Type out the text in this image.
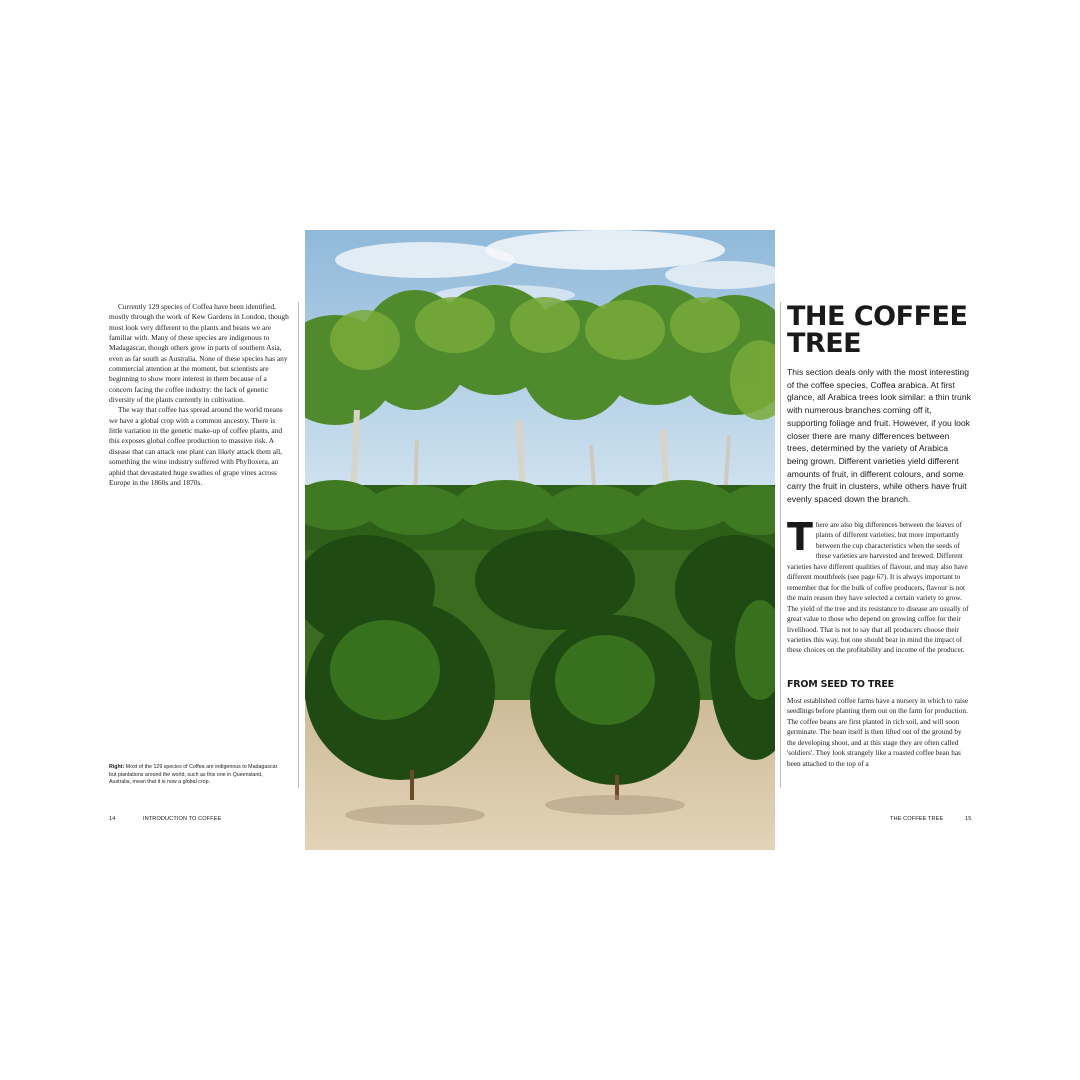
Currently 129 species of Coffea have been identified, mostly through the work of Kew Gardens in London, though most look very different to the plants and beans we are familiar with. Many of these species are indigenous to Madagascar, though others grow in parts of southern Asia, even as far south as Australia. None of these species has any commercial attention at the moment, but scientists are beginning to show more interest in them because of a concern facing the coffee industry: the lack of genetic diversity of the plants currently in cultivation.

The way that coffee has spread around the world means we have a global crop with a common ancestry. There is little variation in the genetic make-up of coffee plants, and this exposes global coffee production to massive risk. A disease that can attack one plant can likely attack them all, something the wine industry suffered with Phylloxera, an aphid that devastated huge swathes of grape vines across Europe in the 1860s and 1870s.

Right: Most of the 129 species of Coffea are indigenous to Madagascar but plantations around the world, such as this one in Queensland, Australia, mean that it is now a global crop.
14	INTRODUCTION TO COFFEE
THE COFFEE
TREE
This section deals only with the most interesting of the coffee species, Coffea arabica. At first glance, all Arabica trees look similar: a thin trunk with numerous branches coming off it, supporting foliage and fruit. However, if you look closer there are many differences between trees, determined by the variety of Arabica being grown. Different varieties yield different amounts of fruit, in different colours, and some carry the fruit in clusters, while others have fruit evenly spaced down the branch.
There are also big differences between the leaves of plants of different varieties, but more importantly between the cup characteristics when the seeds of these varieties are harvested and brewed. Different varieties have different qualities of flavour, and may also have different mouthfeels (see page 67). It is always important to remember that for the bulk of coffee producers, flavour is not the main reason they have selected a certain variety to grow. The yield of the tree and its resistance to disease are usually of great value to those who depend on growing coffee for their livelihood. That is not to say that all producers choose their varieties this way, but one should bear in mind the impact of these choices on the profitability and income of the producer.
FROM SEED TO TREE
Most established coffee farms have a nursery in which to raise seedlings before planting them out on the farm for production. The coffee beans are first planted in rich soil, and will soon germinate. The bean itself is then lifted out of the ground by the developing shoot, and at this stage they are often called 'soldiers'. They look strangely like a roasted coffee bean has been attached to the top of a
THE COFFEE TREE	15
